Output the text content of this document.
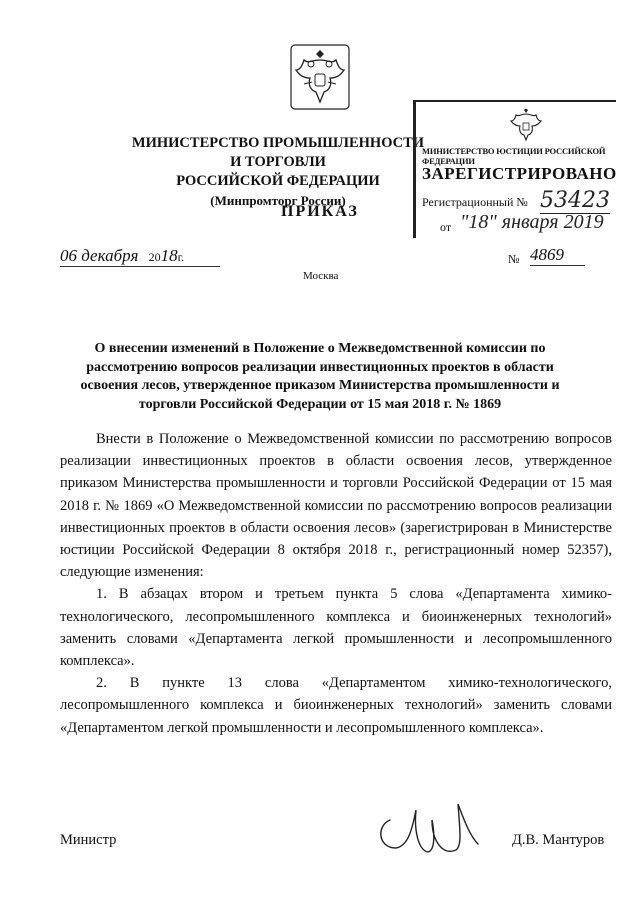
МИНИСТЕРСТВО ПРОМЫШЛЕННОСТИ И ТОРГОВЛИ
РОССИЙСКОЙ ФЕДЕРАЦИИ
(Минпромторг России)
ПРИКАЗ
МИНИСТЕРСТВО ЮСТИЦИИ РОССИЙСКОЙ ФЕДЕРАЦИИ
ЗАРЕГИСТРИРОВАНО
Регистрационный № 53423
от "18" января 2019
06 декабря 2018г.
Москва
№ 4869
О внесении изменений в Положение о Межведомственной комиссии по рассмотрению вопросов реализации инвестиционных проектов в области освоения лесов, утвержденное приказом Министерства промышленности и торговли Российской Федерации от 15 мая 2018 г. № 1869

Внести в Положение о Межведомственной комиссии по рассмотрению вопросов реализации инвестиционных проектов в области освоения лесов, утвержденное приказом Министерства промышленности и торговли Российской Федерации от 15 мая 2018 г. № 1869 «О Межведомственной комиссии по рассмотрению вопросов реализации инвестиционных проектов в области освоения лесов» (зарегистрирован в Министерстве юстиции Российской Федерации 8 октября 2018 г., регистрационный номер 52357), следующие изменения:

1. В абзацах втором и третьем пункта 5 слова «Департамента химико-технологического, лесопромышленного комплекса и биоинженерных технологий» заменить словами «Департамента легкой промышленности и лесопромышленного комплекса».

2. В пункте 13 слова «Департаментом химико-технологического, лесопромышленного комплекса и биоинженерных технологий» заменить словами «Департаментом легкой промышленности и лесопромышленного комплекса».

Министр	Д.В. Мантуров
